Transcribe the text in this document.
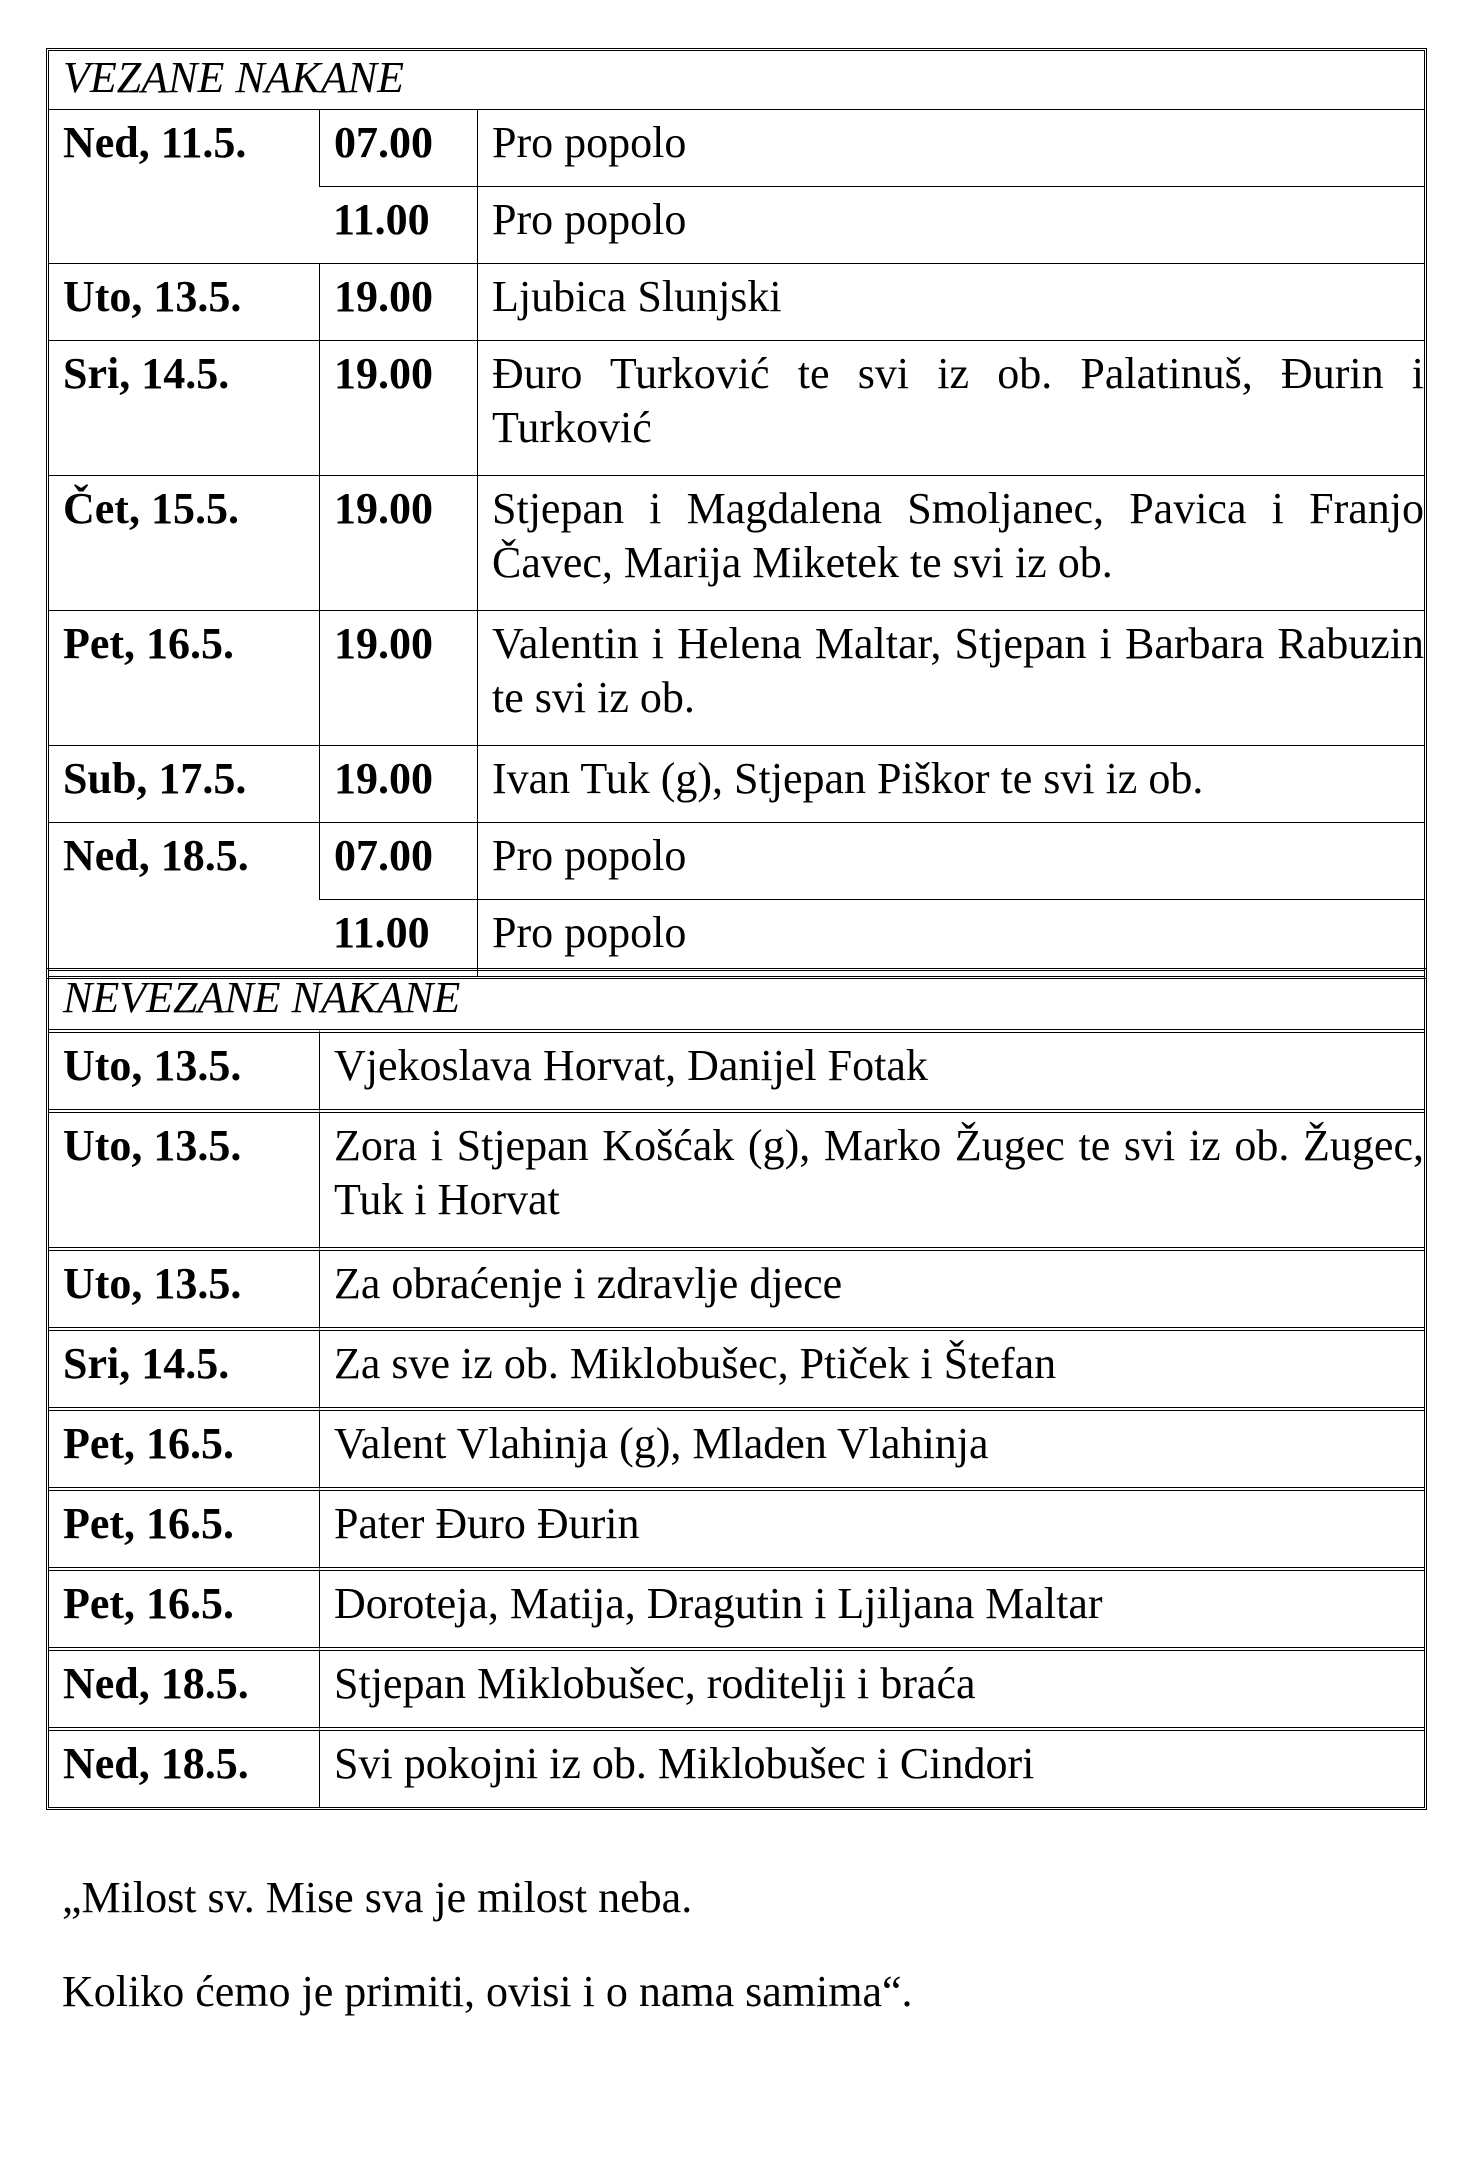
VEZANE NAKANE		
Ned, 11.5.	07.00	Pro popolo
	11.00	Pro popolo
Uto, 13.5.	19.00	Ljubica Slunjski
Sri, 14.5.	19.00	Đuro Turković te svi iz ob. Palatinuš, Đurin i Turković
Čet, 15.5.	19.00	Stjepan i Magdalena Smoljanec, Pavica i Franjo Čavec, Marija Miketek te svi iz ob.
Pet, 16.5.	19.00	Valentin i Helena Maltar, Stjepan i Barbara Rabuzin te svi iz ob.
Sub, 17.5.	19.00	Ivan Tuk (g), Stjepan Piškor te svi iz ob.
Ned, 18.5.	07.00	Pro popolo
	11.00	Pro popolo
NEVEZANE NAKANE	
Uto, 13.5.	Vjekoslava Horvat, Danijel Fotak
Uto, 13.5.	Zora i Stjepan Košćak (g), Marko Žugec te svi iz ob. Žugec, Tuk i Horvat
Uto, 13.5.	Za obraćenje i zdravlje djece
Sri, 14.5.	Za sve iz ob. Miklobušec, Ptiček i Štefan
Pet, 16.5.	Valent Vlahinja (g), Mladen Vlahinja
Pet, 16.5.	Pater Đuro Đurin
Pet, 16.5.	Doroteja, Matija, Dragutin i Ljiljana Maltar
Ned, 18.5.	Stjepan Miklobušec, roditelji i braća
Ned, 18.5.	Svi pokojni iz ob. Miklobušec i Cindori
„Milost sv. Mise sva je milost neba.
Koliko ćemo je primiti, ovisi i o nama samima“.
